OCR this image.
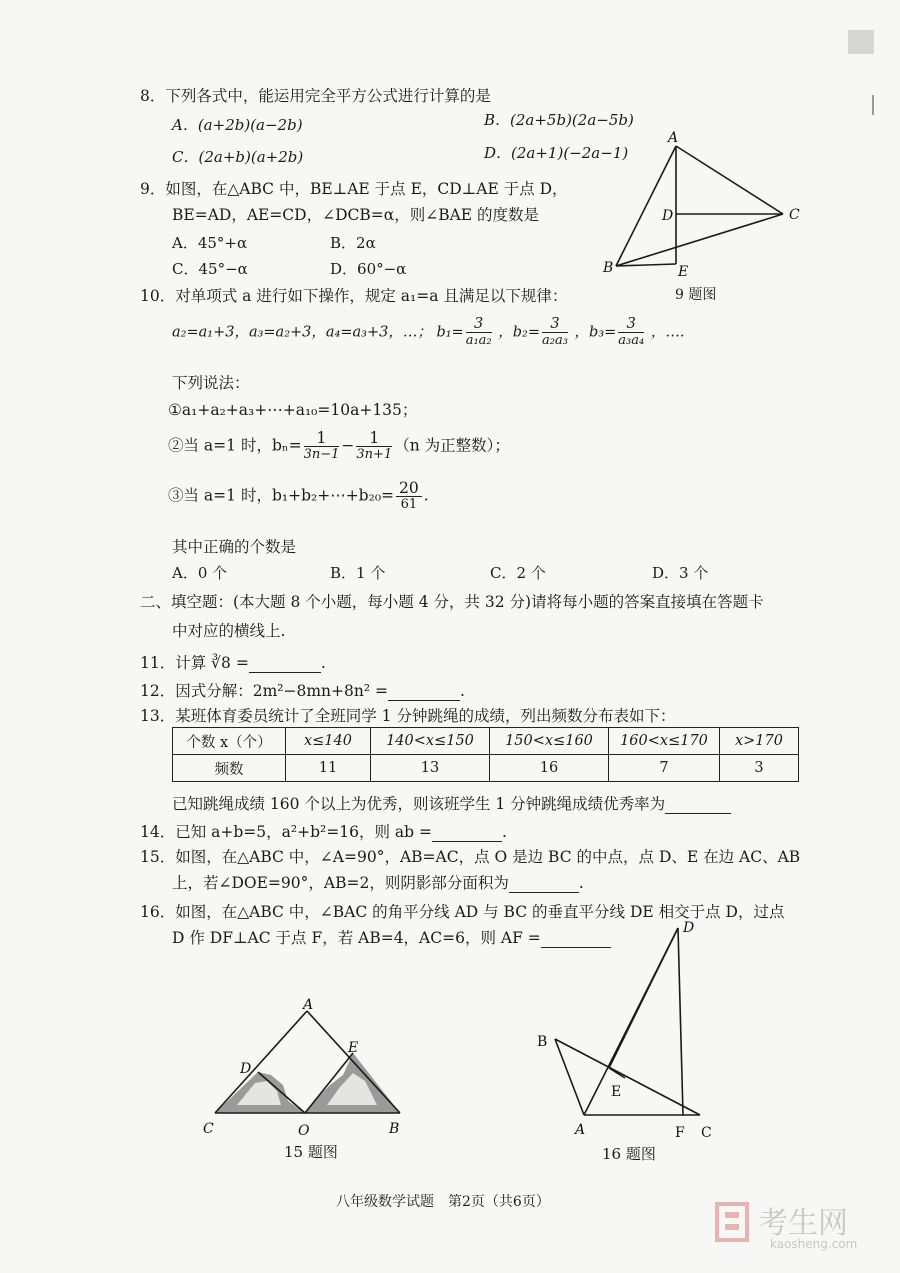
8．下列各式中，能运用完全平方公式进行计算的是
A．(a+2b)(a−2b)	B．(2a+5b)(2a−5b)
C．(2a+b)(a+2b)	D．(2a+1)(−2a−1)
9．如图，在△ABC 中，BE⊥AE 于点 E，CD⊥AE 于点 D，
BE=AD，AE=CD，∠DCB=α，则∠BAE 的度数是
A．45°+α	B．2α
C．45°−α	D．60°−α
A
B
C
D
E
9 题图
10．对单项式 a 进行如下操作，规定 a₁=a 且满足以下规律：
a₂=a₁+3，a₃=a₂+3，a₄=a₃+3，…； $b_1= \frac{3}{\text{a₁a₂}}$ ，$b_2= \frac{3}{\text{a₂a₃}}$ ，$b_3= \frac{3}{\text{a₃a₄}}$ ，….
下列说法：
①a₁+a₂+a₃+⋯+a₁₀=10a+135；
②当 a=1 时，$b_n= \frac{1}{3n-1} - \frac{1}{3n+1} (n$ 为正整数）；
③当 a=1 时，b₁+b₂+⋯+b₂₀= $\frac{20}{61}$ .
其中正确的个数是
A．0 个	B．1 个	C．2 个	D．3 个
二、填空题：(本大题 8 个小题，每小题 4 分，共 32 分)请将每小题的答案直接填在答题卡
中对应的横线上.
11．计算 ∛8 =	.
12．因式分解：2m²−8mn+8n² =	.
13．某班体育委员统计了全班同学 1 分钟跳绳的成绩，列出频数分布表如下：
个数 x（个）	x≤140	140<x≤150	150<x≤160	160<x≤170	x>170
频数	11	13	16	7	3
已知跳绳成绩 160 个以上为优秀，则该班学生 1 分钟跳绳成绩优秀率为
14．已知 a+b=5，a²+b²=16，则 ab =	.
15．如图，在△ABC 中，∠A=90°，AB=AC，点 O 是边 BC 的中点，点 D、E 在边 AC、AB
上，若∠DOE=90°，AB=2，则阴影部分面积为	.
16．如图，在△ABC 中，∠BAC 的角平分线 AD 与 BC 的垂直平分线 DE 相交于点 D，过点
D 作 DF⊥AC 于点 F，若 AB=4，AC=6，则 AF =
A
B
C
D
E
O
15 题图
D
B
E
A	F C
16 题图
八年级数学试题　第2页（共6页）
考生网
kaosheng.com
